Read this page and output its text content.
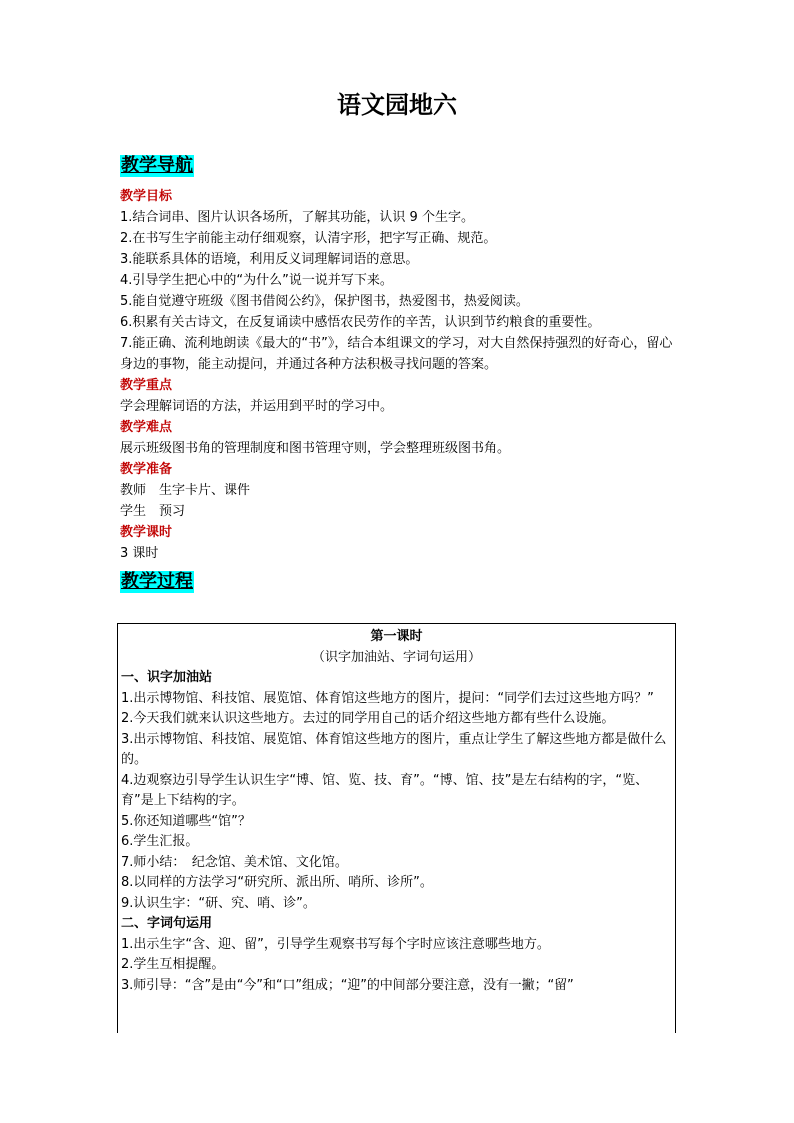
语文园地六
教学导航
教学目标
1.结合词串、图片认识各场所，了解其功能，认识 9 个生字。
2.在书写生字前能主动仔细观察，认清字形，把字写正确、规范。
3.能联系具体的语境，利用反义词理解词语的意思。
4.引导学生把心中的“为什么”说一说并写下来。
5.能自觉遵守班级《图书借阅公约》，保护图书，热爱图书，热爱阅读。
6.积累有关古诗文，在反复诵读中感悟农民劳作的辛苦，认识到节约粮食的重要性。
7.能正确、流利地朗读《最大的“书”》，结合本组课文的学习，对大自然保持强烈的好奇心，留心身边的事物，能主动提问，并通过各种方法积极寻找问题的答案。
教学重点
学会理解词语的方法，并运用到平时的学习中。
教学难点
展示班级图书角的管理制度和图书管理守则，学会整理班级图书角。
教学准备
教师　生字卡片、课件
学生　预习
教学课时
3 课时
教学过程
第一课时
（识字加油站、字词句运用）
一、识字加油站
1.出示博物馆、科技馆、展览馆、体育馆这些地方的图片，提问：“同学们去过这些地方吗？”
2.今天我们就来认识这些地方。去过的同学用自己的话介绍这些地方都有些什么设施。
3.出示博物馆、科技馆、展览馆、体育馆这些地方的图片，重点让学生了解这些地方都是做什么的。
4.边观察边引导学生认识生字“博、馆、览、技、育”。“博、馆、技”是左右结构的字，“览、育”是上下结构的字。
5.你还知道哪些“馆”？
6.学生汇报。
7.师小结：　纪念馆、美术馆、文化馆。
8.以同样的方法学习“研究所、派出所、哨所、诊所”。
9.认识生字：“研、究、哨、诊”。
二、字词句运用
1.出示生字“含、迎、留”，引导学生观察书写每个字时应该注意哪些地方。
2.学生互相提醒。
3.师引导：“含”是由“今”和“口”组成；“迎”的中间部分要注意，没有一撇；“留”
